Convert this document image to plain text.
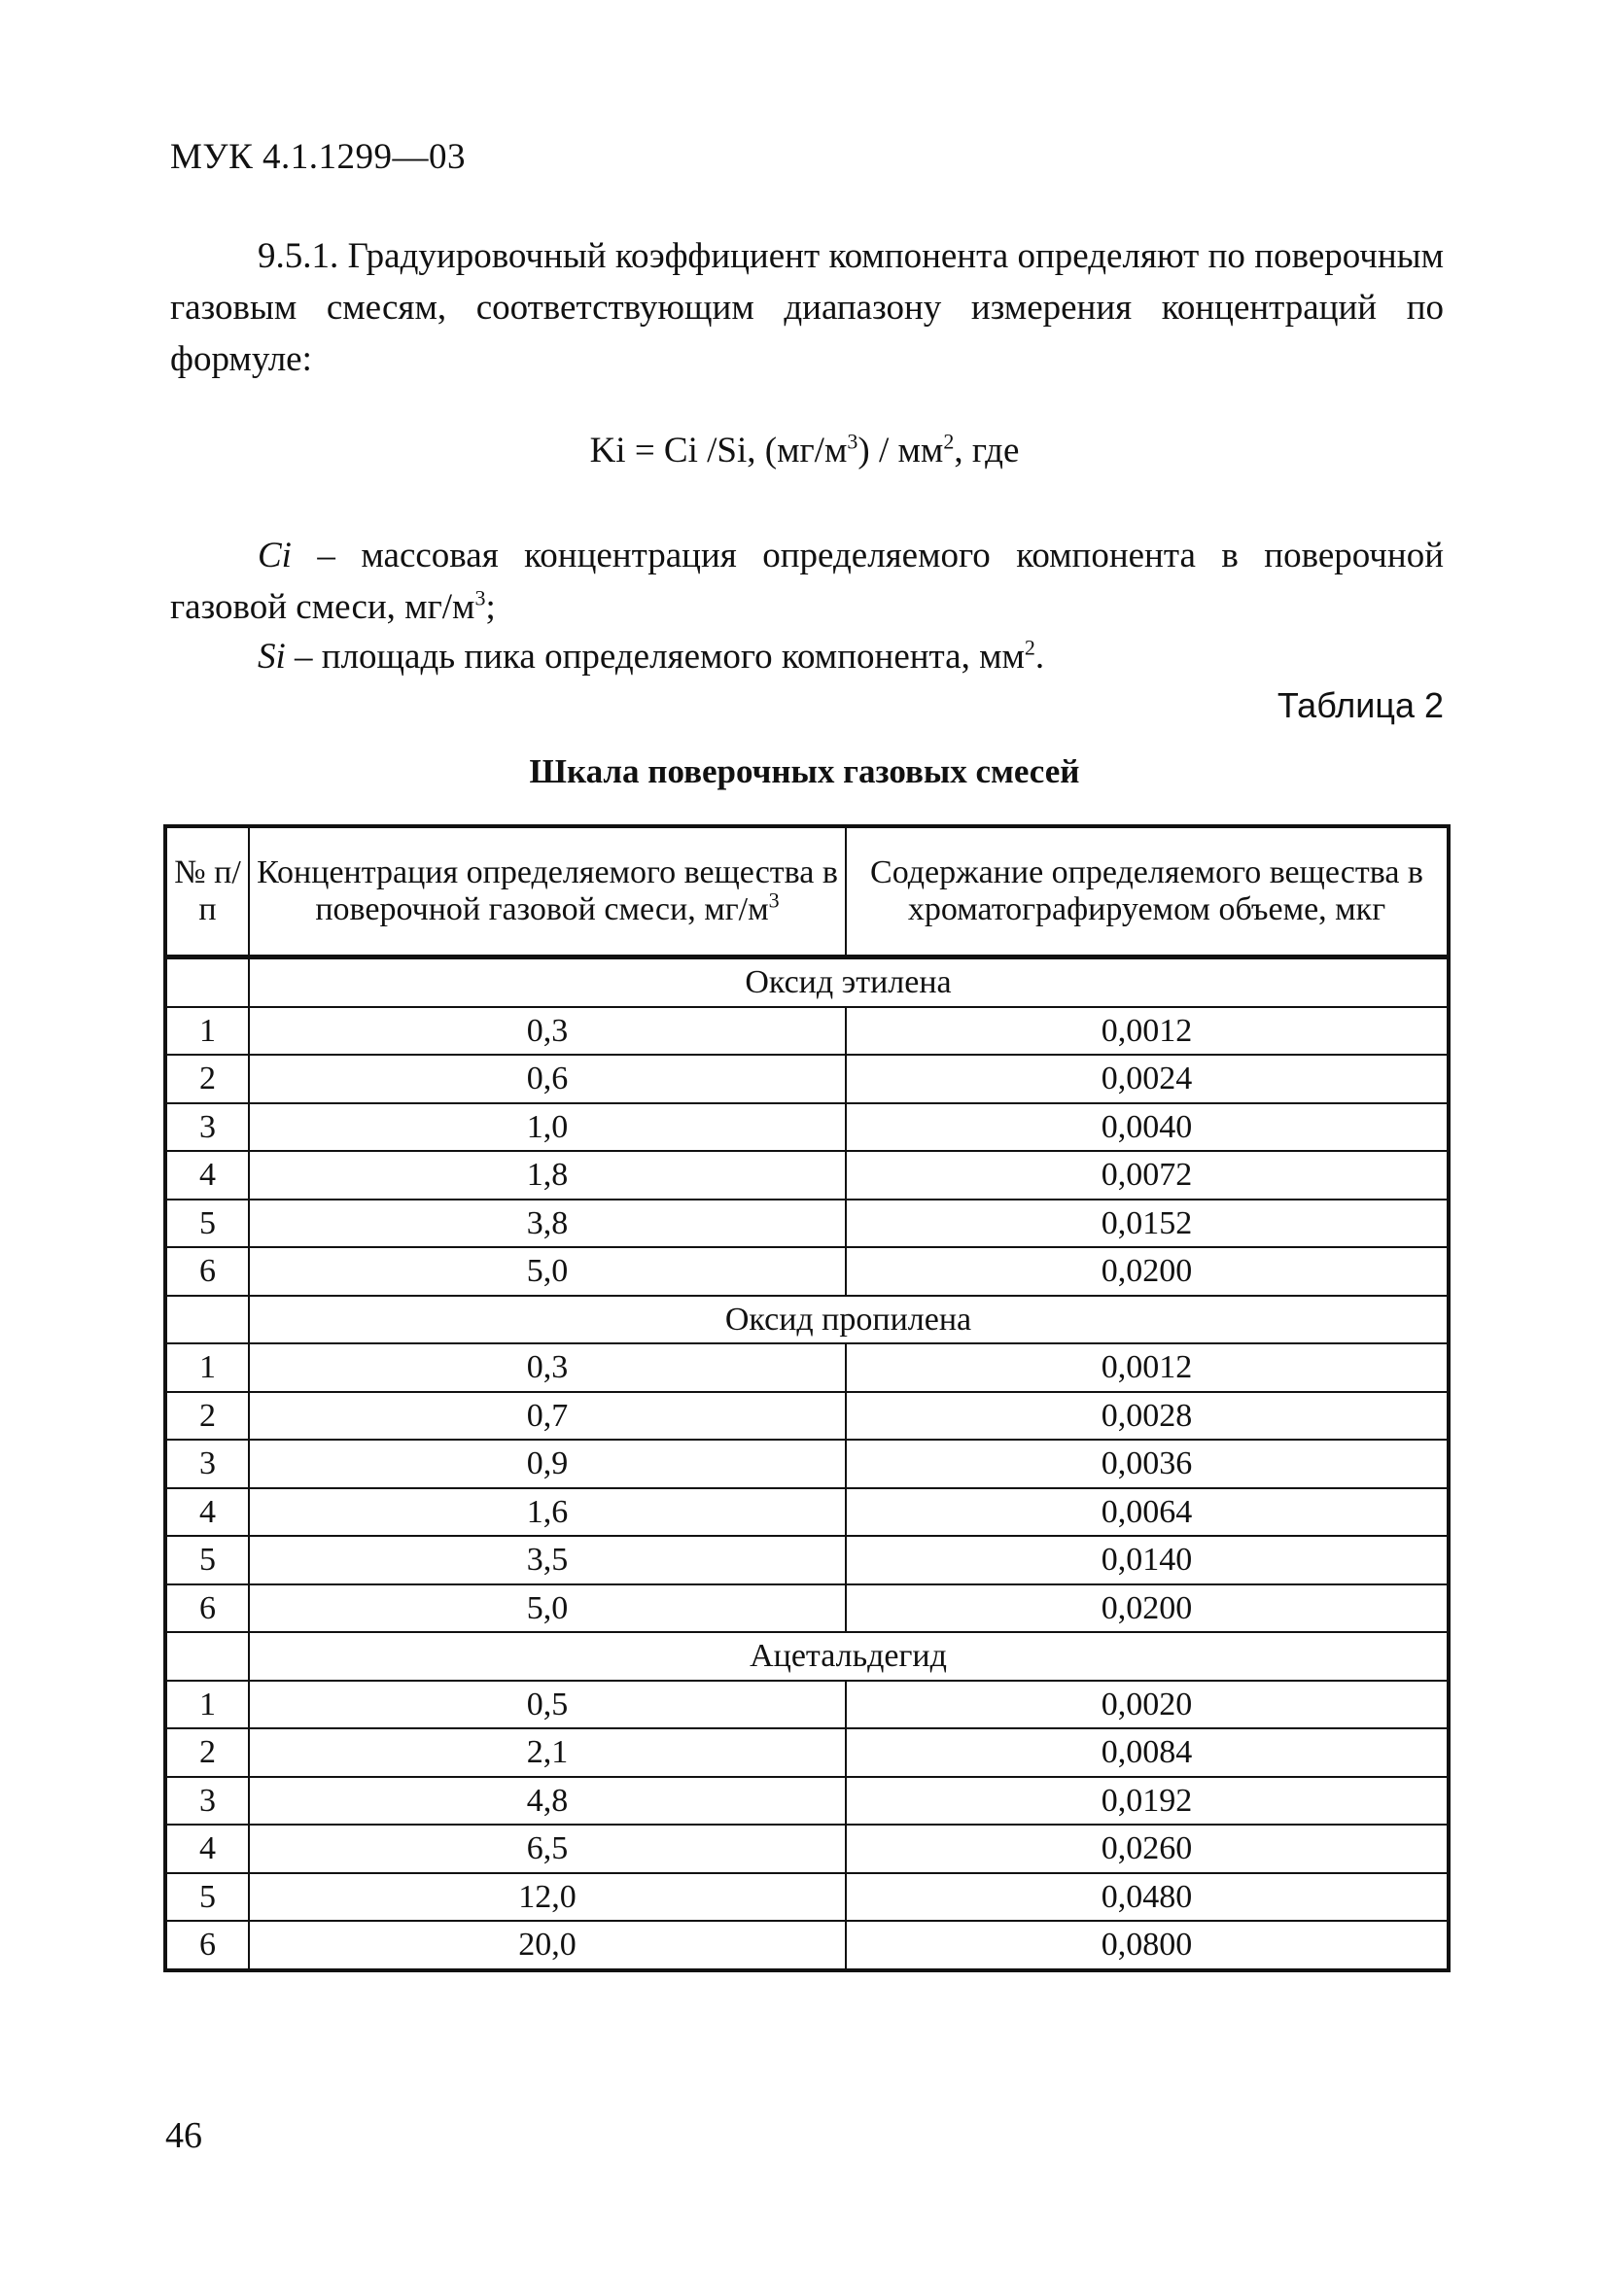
МУК 4.1.1299—03
9.5.1. Градуировочный коэффициент компонента определяют по поверочным газовым смесям, соответствующим диапазону измерения концентраций по формуле:
Ki = Ci /Si, $(мг/м^3) / мм^2$, где
Ci – массовая концентрация определяемого компонента в поверочной газовой смеси, $мг/м^3$;
Si – площадь пика определяемого компонента, $мм^2$.
Таблица 2
Шкала поверочных газовых смесей
№ п/п	Концентрация определяемого вещества в поверочной газовой смеси, $мг/м^3$	Содержание определяемого вещества в хроматографируемом объеме, мкг
	Оксид этилена	
1	0,3	0,0012
2	0,6	0,0024
3	1,0	0,0040
4	1,8	0,0072
5	3,8	0,0152
6	5,0	0,0200
	Оксид пропилена	
1	0,3	0,0012
2	0,7	0,0028
3	0,9	0,0036
4	1,6	0,0064
5	3,5	0,0140
6	5,0	0,0200
	Ацетальдегид	
1	0,5	0,0020
2	2,1	0,0084
3	4,8	0,0192
4	6,5	0,0260
5	12,0	0,0480
6	20,0	0,0800
46
